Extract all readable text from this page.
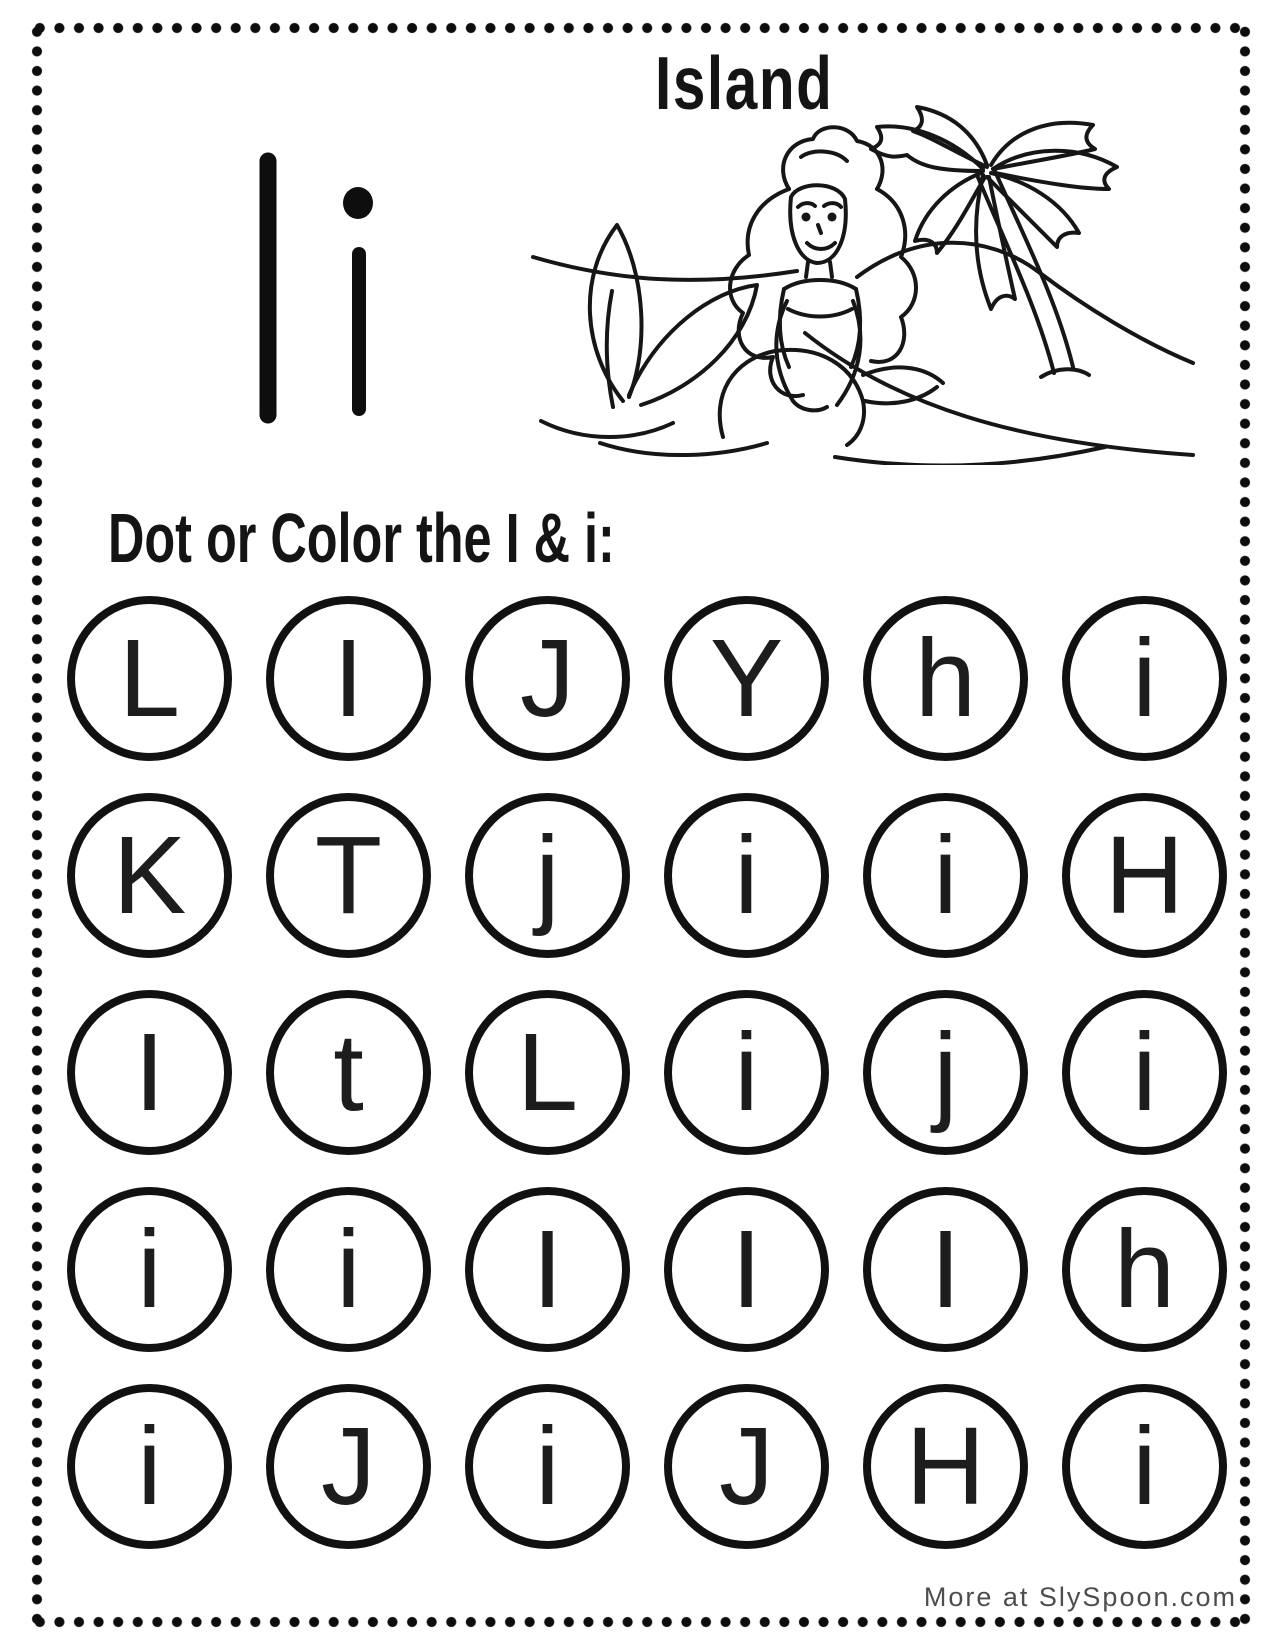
Island
Dot or Color the I & i:
L I J Y h i
K T j i i H
I t L i j i
i i I I I h
i J i J H i
More at SlySpoon.com
